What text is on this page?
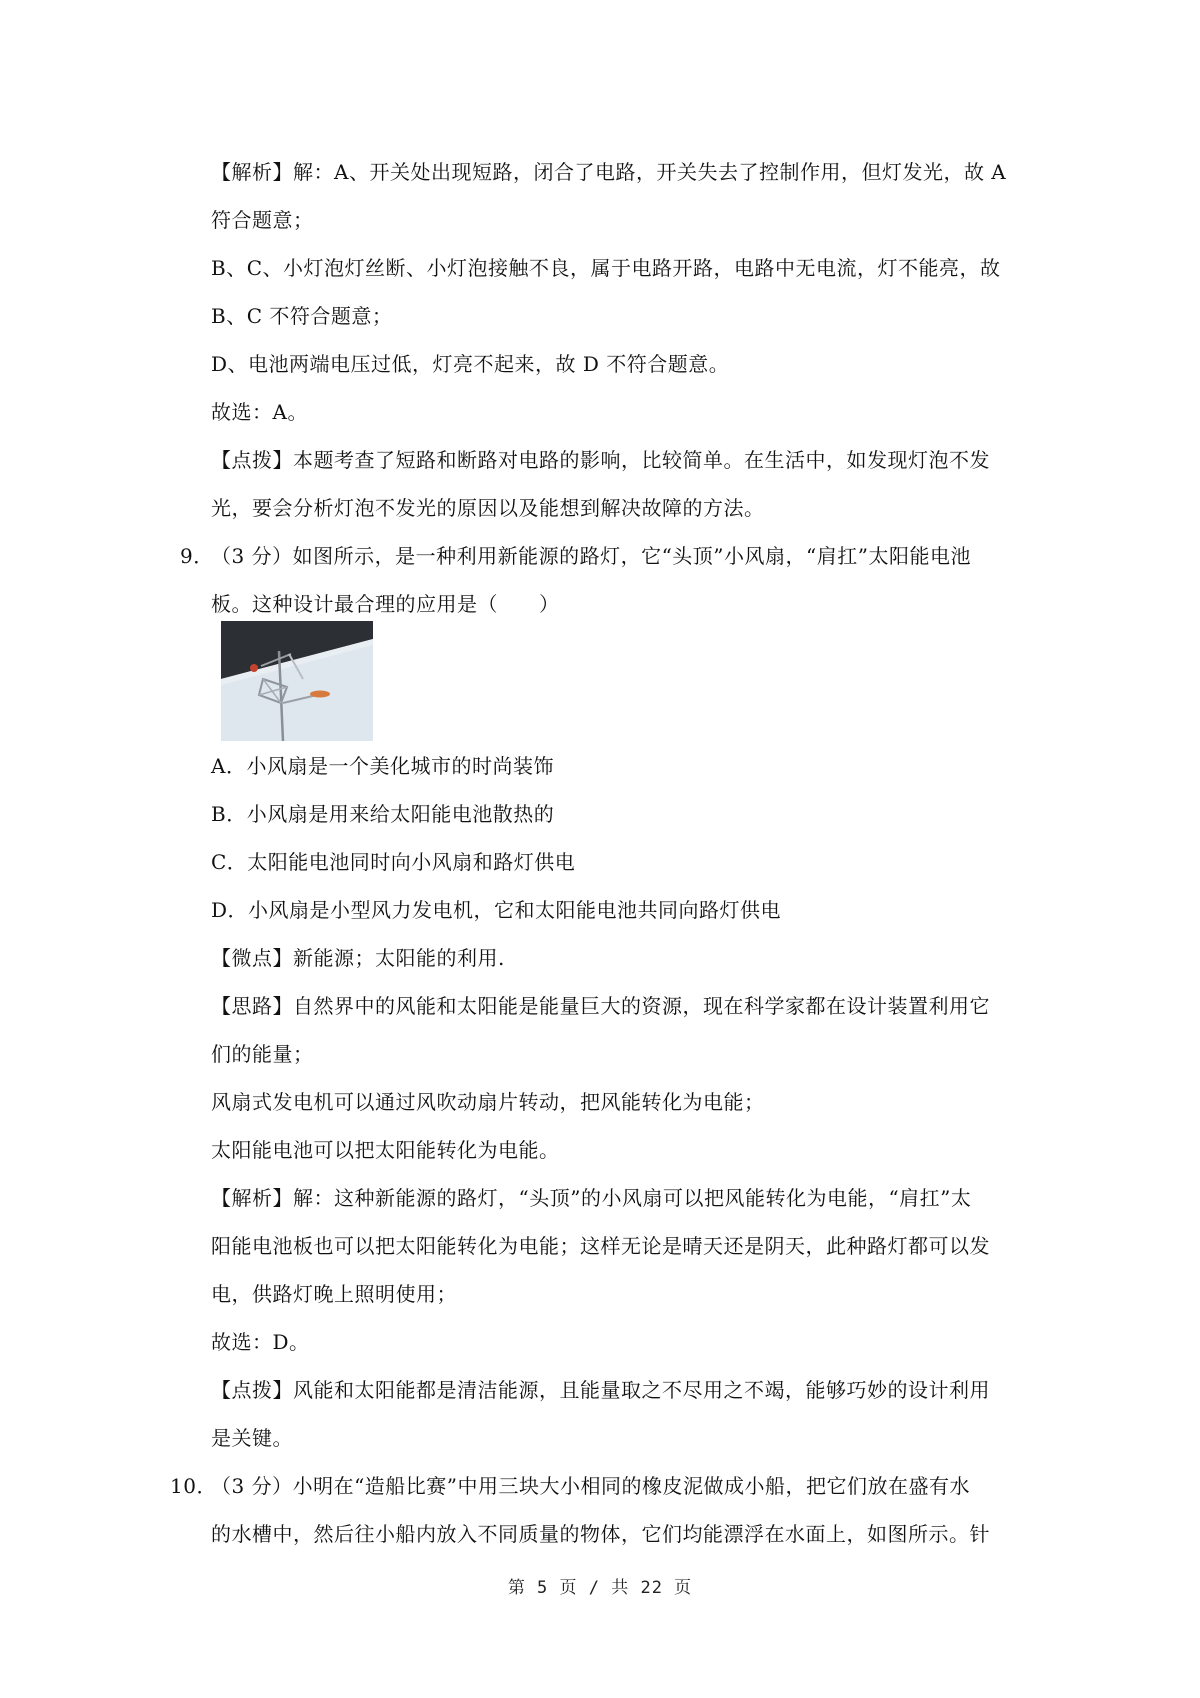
【解析】解：A、开关处出现短路，闭合了电路，开关失去了控制作用，但灯发光，故 A
符合题意；
B、C、小灯泡灯丝断、小灯泡接触不良，属于电路开路，电路中无电流，灯不能亮，故
B、C 不符合题意；
D、电池两端电压过低，灯亮不起来，故 D 不符合题意。
故选：A。
【点拨】本题考查了短路和断路对电路的影响，比较简单。在生活中，如发现灯泡不发
光，要会分析灯泡不发光的原因以及能想到解决故障的方法。
9．
（3 分）如图所示，是一种利用新能源的路灯，它“头顶”小风扇，“肩扛”太阳能电池
板。这种设计最合理的应用是（　　）
A．小风扇是一个美化城市的时尚装饰
B．小风扇是用来给太阳能电池散热的
C．太阳能电池同时向小风扇和路灯供电
D．小风扇是小型风力发电机，它和太阳能电池共同向路灯供电
【微点】新能源；太阳能的利用.
【思路】自然界中的风能和太阳能是能量巨大的资源，现在科学家都在设计装置利用它
们的能量；
风扇式发电机可以通过风吹动扇片转动，把风能转化为电能；
太阳能电池可以把太阳能转化为电能。
【解析】解：这种新能源的路灯，“头顶”的小风扇可以把风能转化为电能，“肩扛”太
阳能电池板也可以把太阳能转化为电能；这样无论是晴天还是阴天，此种路灯都可以发
电，供路灯晚上照明使用；
故选：D。
【点拨】风能和太阳能都是清洁能源，且能量取之不尽用之不竭，能够巧妙的设计利用
是关键。
10．
（3 分）小明在“造船比赛”中用三块大小相同的橡皮泥做成小船，把它们放在盛有水
的水槽中，然后往小船内放入不同质量的物体，它们均能漂浮在水面上，如图所示。针
第 5 页 / 共 22 页
